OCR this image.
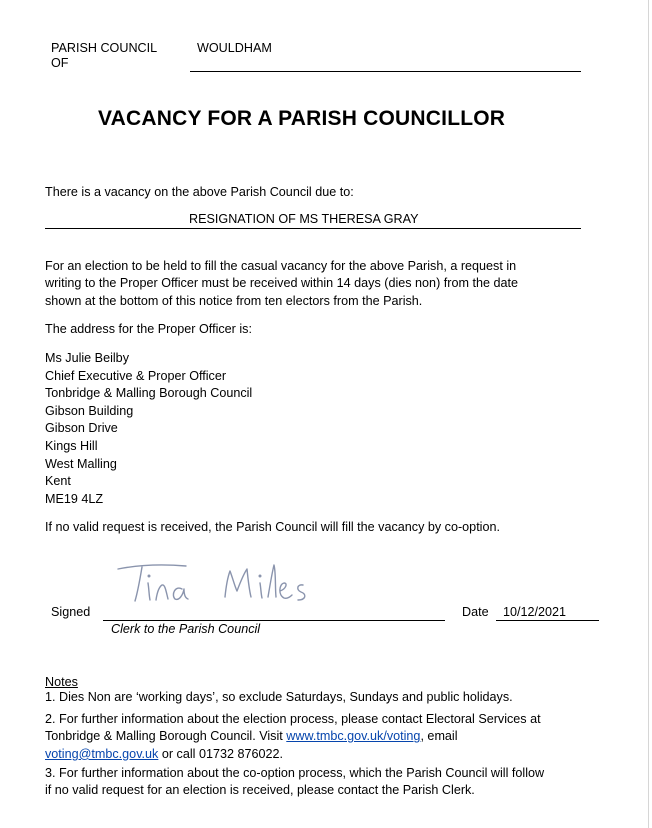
PARISH COUNCIL
OF
WOULDHAM
VACANCY FOR A PARISH COUNCILLOR
There is a vacancy on the above Parish Council due to:
RESIGNATION OF MS THERESA GRAY
For an election to be held to fill the casual vacancy for the above Parish, a request in
writing to the Proper Officer must be received within 14 days (dies non) from the date
shown at the bottom of this notice from ten electors from the Parish.
The address for the Proper Officer is:
Ms Julie Beilby
Chief Executive & Proper Officer
Tonbridge & Malling Borough Council
Gibson Building
Gibson Drive
Kings Hill
West Malling
Kent
ME19 4LZ
If no valid request is received, the Parish Council will fill the vacancy by co-option.
Signed
Clerk to the Parish Council
Date 10/12/2021
Notes
1. Dies Non are ‘working days’, so exclude Saturdays, Sundays and public holidays.
2. For further information about the election process, please contact Electoral Services at
Tonbridge & Malling Borough Council. Visit www.tmbc.gov.uk/voting, email
voting@tmbc.gov.uk or call 01732 876022.
3. For further information about the co-option process, which the Parish Council will follow
if no valid request for an election is received, please contact the Parish Clerk.
